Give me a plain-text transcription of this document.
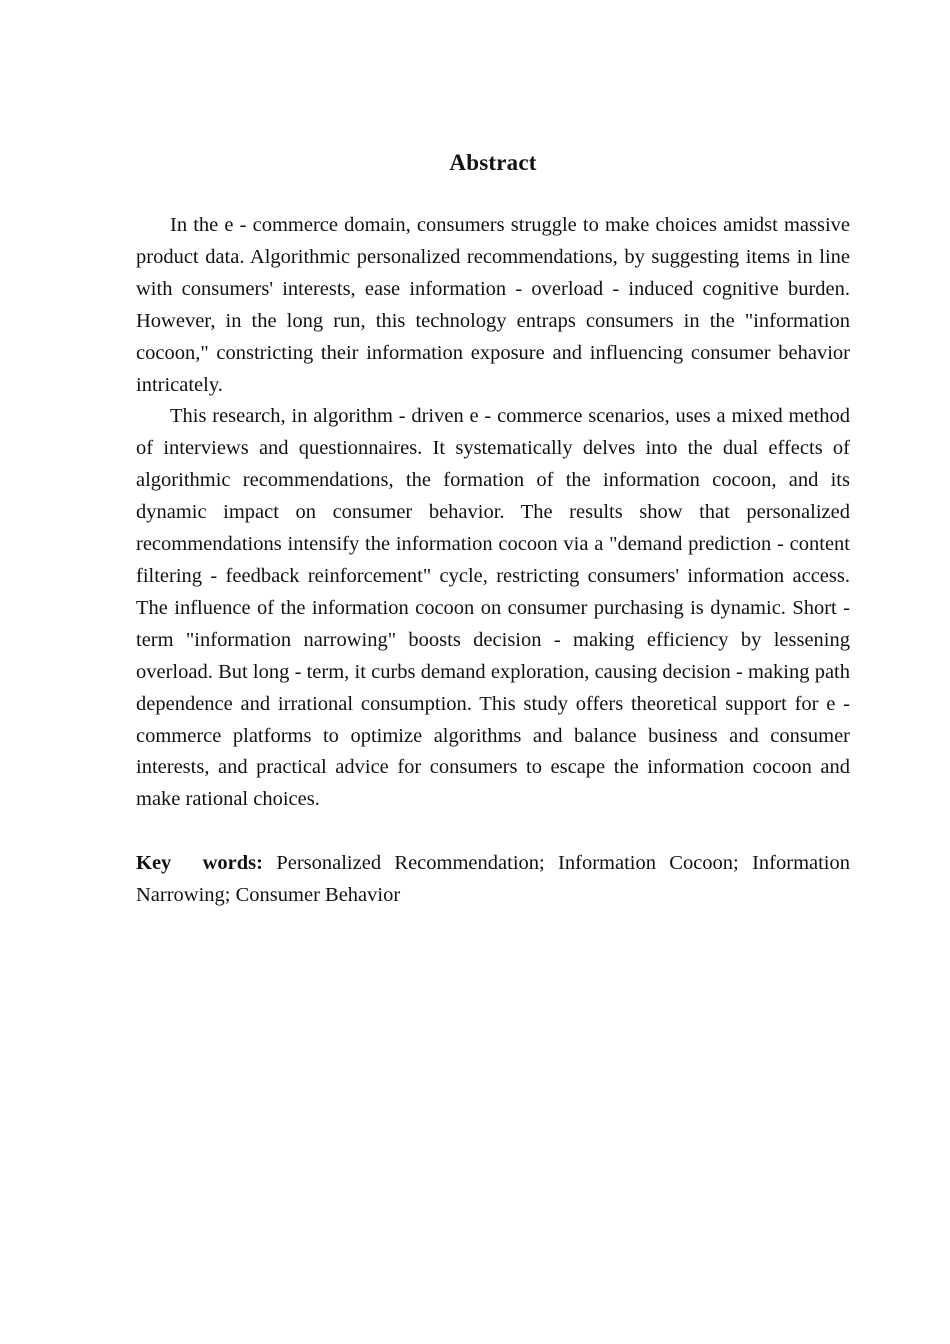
Abstract

In the e - commerce domain, consumers struggle to make choices amidst massive product data. Algorithmic personalized recommendations, by suggesting items in line with consumers' interests, ease information - overload - induced cognitive burden. However, in the long run, this technology entraps consumers in the "information cocoon," constricting their information exposure and influencing consumer behavior intricately.

This research, in algorithm - driven e - commerce scenarios, uses a mixed method of interviews and questionnaires. It systematically delves into the dual effects of algorithmic recommendations, the formation of the information cocoon, and its dynamic impact on consumer behavior. The results show that personalized recommendations intensify the information cocoon via a "demand prediction - content filtering - feedback reinforcement" cycle, restricting consumers' information access. The influence of the information cocoon on consumer purchasing is dynamic. Short - term "information narrowing" boosts decision - making efficiency by lessening overload. But long - term, it curbs demand exploration, causing decision - making path dependence and irrational consumption. This study offers theoretical support for e - commerce platforms to optimize algorithms and balance business and consumer interests, and practical advice for consumers to escape the information cocoon and make rational choices.

Key words: Personalized Recommendation; Information Cocoon; Information Narrowing; Consumer Behavior
